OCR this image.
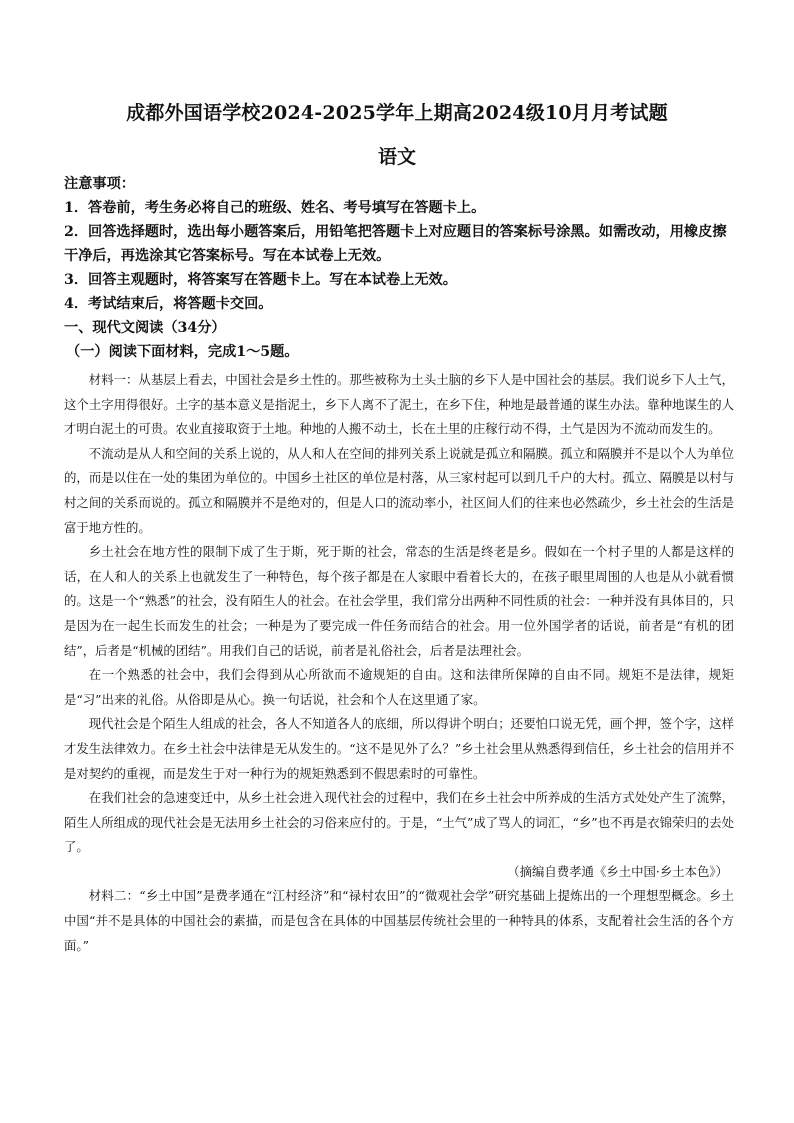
成都外国语学校2024-2025学年上期高2024级10月月考试题
语文

注意事项：

1．答卷前，考生务必将自己的班级、姓名、考号填写在答题卡上。

2．回答选择题时，选出每小题答案后，用铅笔把答题卡上对应题目的答案标号涂黑。如需改动，用橡皮擦干净后，再选涂其它答案标号。写在本试卷上无效。

3．回答主观题时，将答案写在答题卡上。写在本试卷上无效。

4．考试结束后，将答题卡交回。

一、现代文阅读（34分）

（一）阅读下面材料，完成1～5题。

材料一：从基层上看去，中国社会是乡土性的。那些被称为土头土脑的乡下人是中国社会的基层。我们说乡下人土气，这个土字用得很好。土字的基本意义是指泥土，乡下人离不了泥土，在乡下住，种地是最普通的谋生办法。靠种地谋生的人才明白泥土的可贵。农业直接取资于土地。种地的人搬不动土，长在土里的庄稼行动不得，土气是因为不流动而发生的。

不流动是从人和空间的关系上说的，从人和人在空间的排列关系上说就是孤立和隔膜。孤立和隔膜并不是以个人为单位的，而是以住在一处的集团为单位的。中国乡土社区的单位是村落，从三家村起可以到几千户的大村。孤立、隔膜是以村与村之间的关系而说的。孤立和隔膜并不是绝对的，但是人口的流动率小，社区间人们的往来也必然疏少，乡土社会的生活是富于地方性的。

乡土社会在地方性的限制下成了生于斯，死于斯的社会，常态的生活是终老是乡。假如在一个村子里的人都是这样的话，在人和人的关系上也就发生了一种特色，每个孩子都是在人家眼中看着长大的，在孩子眼里周围的人也是从小就看惯的。这是一个“熟悉”的社会，没有陌生人的社会。在社会学里，我们常分出两种不同性质的社会：一种并没有具体目的，只是因为在一起生长而发生的社会；一种是为了要完成一件任务而结合的社会。用一位外国学者的话说，前者是“有机的团结”，后者是“机械的团结”。用我们自己的话说，前者是礼俗社会，后者是法理社会。

在一个熟悉的社会中，我们会得到从心所欲而不逾规矩的自由。这和法律所保障的自由不同。规矩不是法律，规矩是“习”出来的礼俗。从俗即是从心。换一句话说，社会和个人在这里通了家。

现代社会是个陌生人组成的社会，各人不知道各人的底细，所以得讲个明白；还要怕口说无凭，画个押，签个字，这样才发生法律效力。在乡土社会中法律是无从发生的。“这不是见外了么？”乡土社会里从熟悉得到信任，乡土社会的信用并不是对契约的重视，而是发生于对一种行为的规矩熟悉到不假思索时的可靠性。

在我们社会的急速变迁中，从乡土社会进入现代社会的过程中，我们在乡土社会中所养成的生活方式处处产生了流弊，陌生人所组成的现代社会是无法用乡土社会的习俗来应付的。于是，“土气”成了骂人的词汇，“乡”也不再是衣锦荣归的去处了。

（摘编自费孝通《乡土中国·乡土本色》）

材料二：“乡土中国”是费孝通在“江村经济”和“禄村农田”的“微观社会学”研究基础上提炼出的一个理想型概念。乡土中国“并不是具体的中国社会的素描，而是包含在具体的中国基层传统社会里的一种特具的体系，支配着社会生活的各个方面。”
